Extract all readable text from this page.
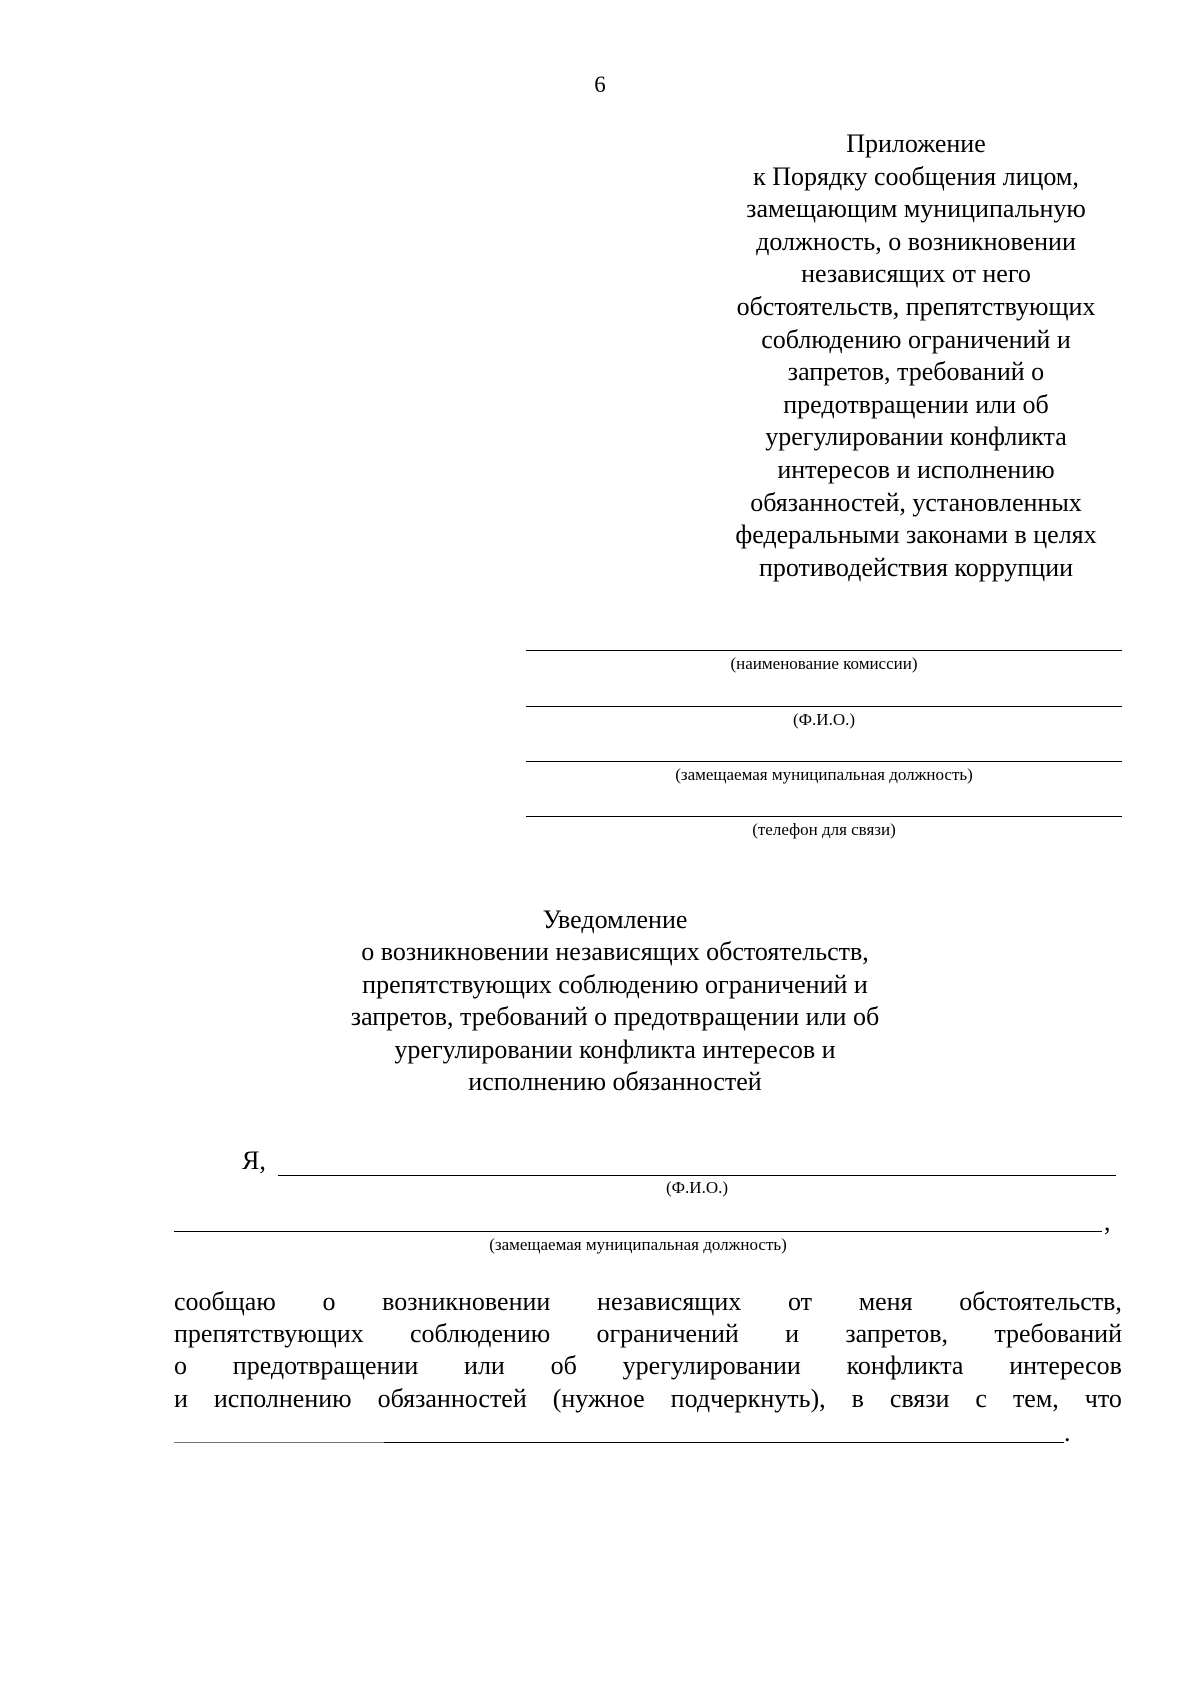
6
Приложение
к Порядку сообщения лицом,
замещающим муниципальную
должность, о возникновении
независящих от него
обстоятельств, препятствующих
соблюдению ограничений и
запретов, требований о
предотвращении или об
урегулировании конфликта
интересов и исполнению
обязанностей, установленных
федеральными законами в целях
противодействия коррупции
(наименование комиссии)
(Ф.И.О.)
(замещаемая муниципальная должность)
(телефон для связи)
Уведомление
о возникновении независящих обстоятельств,
препятствующих соблюдению ограничений и
запретов, требований о предотвращении или об
урегулировании конфликта интересов и
исполнению обязанностей
Я,
(Ф.И.О.)
,
(замещаемая муниципальная должность)
сообщаю о возникновении независящих от меня обстоятельств,
препятствующих соблюдению ограничений и запретов, требований
о предотвращении или об урегулировании конфликта интересов
и исполнению обязанностей (нужное подчеркнуть), в связи с тем, что
.
